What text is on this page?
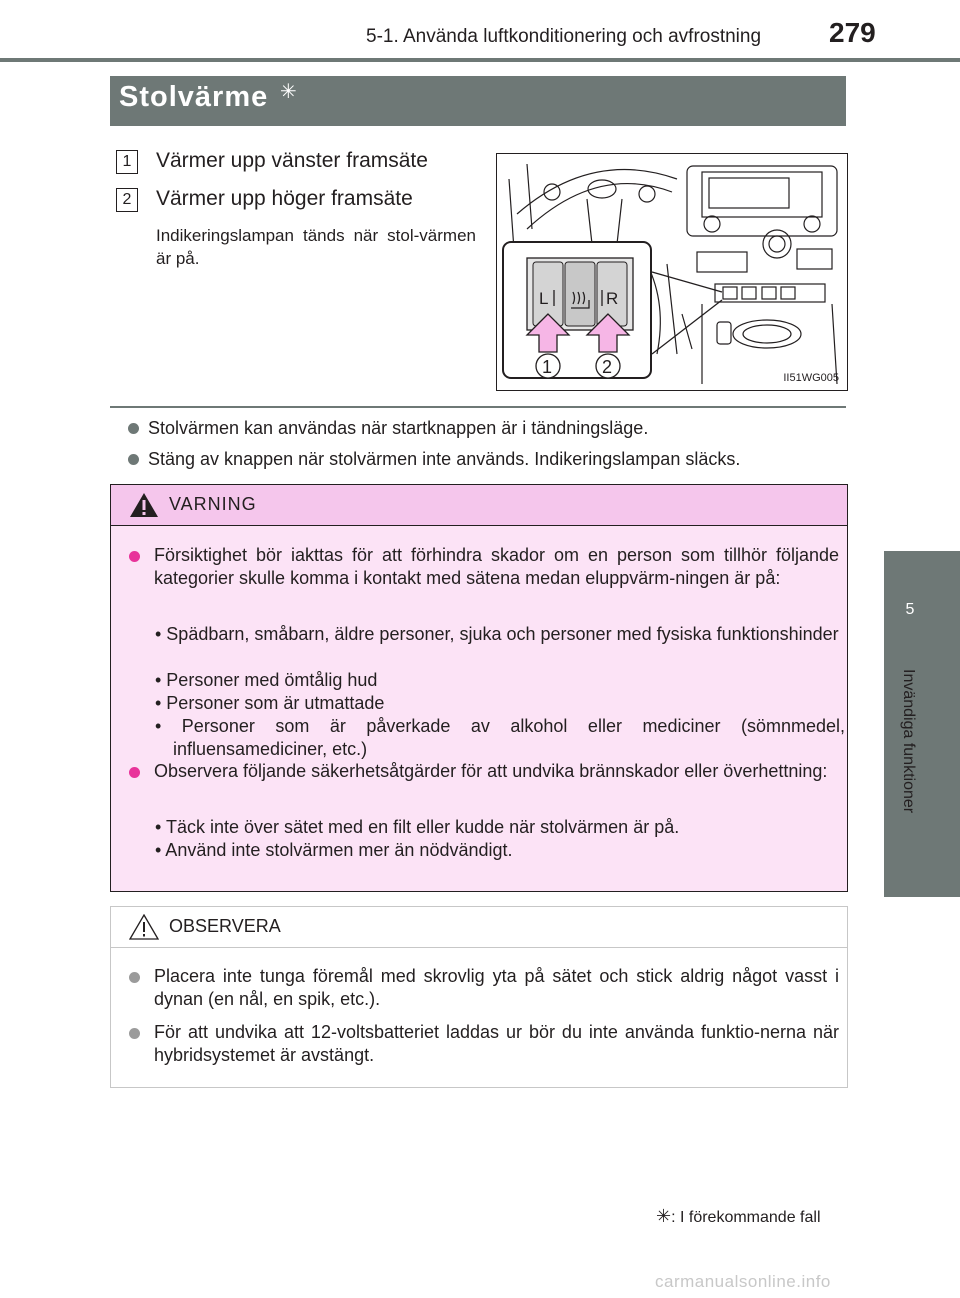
5-1. Använda luftkonditionering och avfrostning 279
5
Invändiga funktioner
Stolvärme ✳
1	Värmer upp vänster framsäte
2	Värmer upp höger framsäte
Indikeringslampan tänds när stol-värmen är på.
L	R
1	2
II51WG005
Stolvärmen kan användas när startknappen är i tändningsläge.
Stäng av knappen när stolvärmen inte används. Indikeringslampan släcks.
VARNING
Försiktighet bör iakttas för att förhindra skador om en person som tillhör följande kategorier skulle komma i kontakt med sätena medan eluppvärm-ningen är på:
• Spädbarn, småbarn, äldre personer, sjuka och personer med fysiska funktionshinder
• Personer med ömtålig hud
• Personer som är utmattade
• Personer som är påverkade av alkohol eller mediciner (sömnmedel, influensamediciner, etc.)
Observera följande säkerhetsåtgärder för att undvika brännskador eller överhettning:
• Täck inte över sätet med en filt eller kudde när stolvärmen är på.
• Använd inte stolvärmen mer än nödvändigt.
OBSERVERA
Placera inte tunga föremål med skrovlig yta på sätet och stick aldrig något vasst i dynan (en nål, en spik, etc.).
För att undvika att 12-voltsbatteriet laddas ur bör du inte använda funktio-nerna när hybridsystemet är avstängt.
✳: I förekommande fall
carmanualsonline.info
